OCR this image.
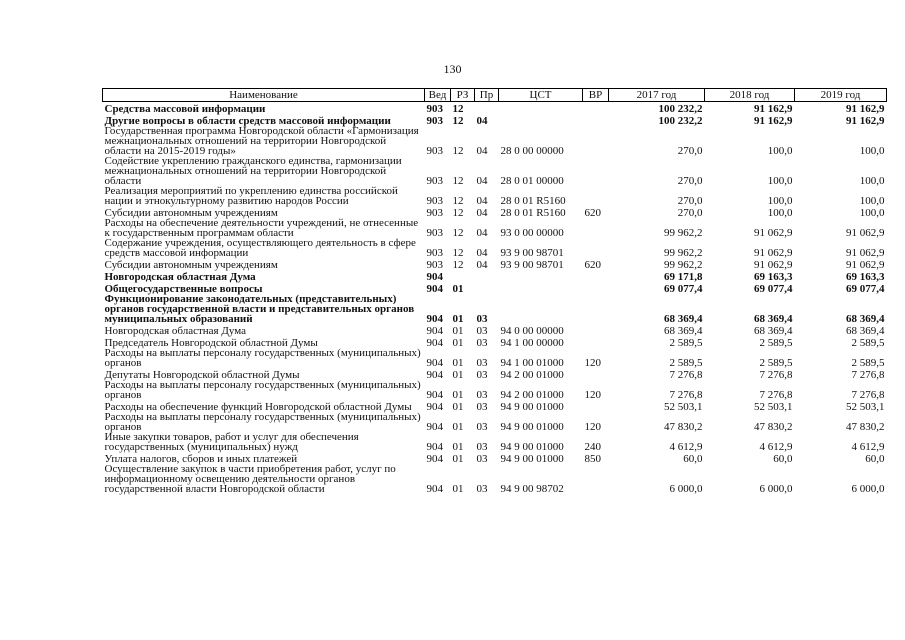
130
Наименование	Вед	РЗ	Пр	ЦСТ	ВР	2017 год	2018 год	2019 год
Средства массовой информации	903	12				100 232,2	91 162,9	91 162,9
Другие вопросы в области средств массовой информации	903	12	04			100 232,2	91 162,9	91 162,9
Государственная программа Новгородской области «Гармонизация межнациональных отношений на территории Новгородской области на 2015-2019 годы»	903	12	04	28 0 00 00000		270,0	100,0	100,0
Содействие укреплению гражданского единства, гармонизации межнациональных отношений на территории Новгородской области	903	12	04	28 0 01 00000		270,0	100,0	100,0
Реализация мероприятий по укреплению единства российской нации и этнокультурному развитию народов России	903	12	04	28 0 01 R5160		270,0	100,0	100,0
Субсидии автономным учреждениям	903	12	04	28 0 01 R5160	620	270,0	100,0	100,0
Расходы на обеспечение деятельности учреждений, не отнесенные к государственным программам области	903	12	04	93 0 00 00000		99 962,2	91 062,9	91 062,9
Содержание учреждения, осуществляющего деятельность в сфере средств массовой информации	903	12	04	93 9 00 98701		99 962,2	91 062,9	91 062,9
Субсидии автономным учреждениям	903	12	04	93 9 00 98701	620	99 962,2	91 062,9	91 062,9
Новгородская областная Дума	904					69 171,8	69 163,3	69 163,3
Общегосударственные вопросы	904	01				69 077,4	69 077,4	69 077,4
Функционирование законодательных (представительных) органов государственной власти и представительных органов муниципальных образований	904	01	03			68 369,4	68 369,4	68 369,4
Новгородская областная Дума	904	01	03	94 0 00 00000		68 369,4	68 369,4	68 369,4
Председатель Новгородской областной Думы	904	01	03	94 1 00 00000		2 589,5	2 589,5	2 589,5
Расходы на выплаты персоналу государственных (муниципальных) органов	904	01	03	94 1 00 01000	120	2 589,5	2 589,5	2 589,5
Депутаты Новгородской областной Думы	904	01	03	94 2 00 01000		7 276,8	7 276,8	7 276,8
Расходы на выплаты персоналу государственных (муниципальных) органов	904	01	03	94 2 00 01000	120	7 276,8	7 276,8	7 276,8
Расходы на обеспечение функций Новгородской областной Думы	904	01	03	94 9 00 01000		52 503,1	52 503,1	52 503,1
Расходы на выплаты персоналу государственных (муниципальных) органов	904	01	03	94 9 00 01000	120	47 830,2	47 830,2	47 830,2
Иные закупки товаров, работ и услуг для обеспечения государственных (муниципальных) нужд	904	01	03	94 9 00 01000	240	4 612,9	4 612,9	4 612,9
Уплата налогов, сборов и иных платежей	904	01	03	94 9 00 01000	850	60,0	60,0	60,0
Осуществление закупок в части приобретения работ, услуг по информационному освещению деятельности органов государственной власти Новгородской области	904	01	03	94 9 00 98702		6 000,0	6 000,0	6 000,0
